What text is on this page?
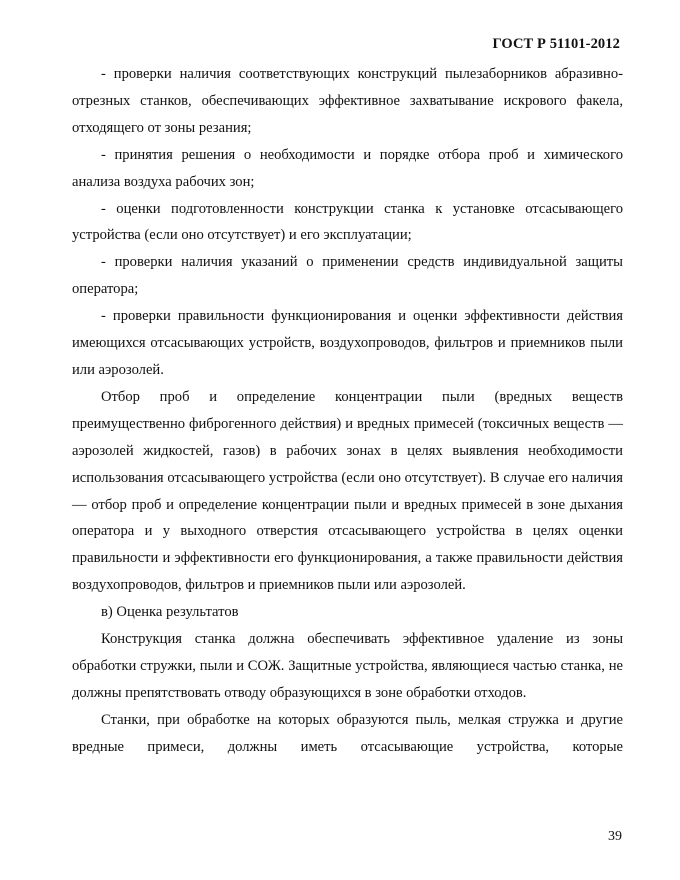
ГОСТ Р 51101-2012

- проверки наличия соответствующих конструкций пылезаборников абразивно-отрезных станков, обеспечивающих эффективное захватывание искрового факела, отходящего от зоны резания;

- принятия решения о необходимости и порядке отбора проб и химического анализа воздуха рабочих зон;

- оценки подготовленности конструкции станка к установке отсасывающего устройства (если оно отсутствует) и его эксплуатации;

- проверки наличия указаний о применении средств индивидуальной защиты оператора;

- проверки правильности функционирования и оценки эффективности действия имеющихся отсасывающих устройств, воздухопроводов, фильтров и приемников пыли или аэрозолей.

Отбор проб и определение концентрации пыли (вредных веществ преимущественно фиброгенного действия) и вредных примесей (токсичных веществ — аэрозолей жидкостей, газов) в рабочих зонах в целях выявления необходимости использования отсасывающего устройства (если оно отсутствует). В случае его наличия — отбор проб и определение концентрации пыли и вредных примесей в зоне дыхания оператора и у выходного отверстия отсасывающего устройства в целях оценки правильности и эффективности его функционирования, а также правильности действия воздухопроводов, фильтров и приемников пыли или аэрозолей.

в) Оценка результатов

Конструкция станка должна обеспечивать эффективное удаление из зоны обработки стружки, пыли и СОЖ. Защитные устройства, являющиеся частью станка, не должны препятствовать отводу образующихся в зоне обработки отходов.

Станки, при обработке на которых образуются пыль, мелкая стружка и другие вредные примеси, должны иметь отсасывающие устройства, которые

39
